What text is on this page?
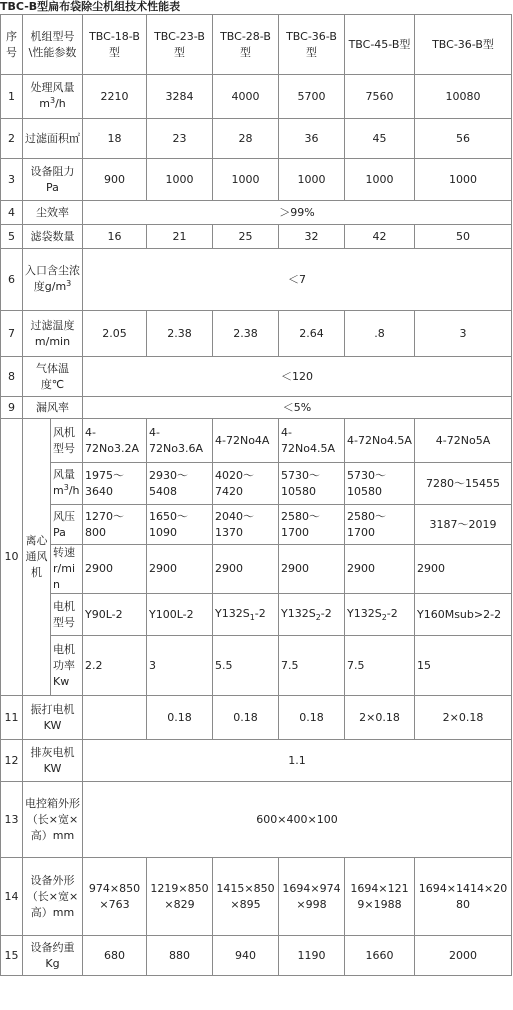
TBC-B型扁布袋除尘机组技术性能表
序号	机组型号\性能参数		TBC-18-B型	TBC-23-B型	TBC-28-B型	TBC-36-B型	TBC-45-B型	TBC-36-B型
1	处理风量$m^3/h$		2210	3284	4000	5700	7560	10080
2	过滤面积㎡		18	23	28	36	45	56
3	设备阻力Pa		900	1000	1000	1000	1000	1000
4	尘效率		＞99%					
5	滤袋数量		16	21	25	32	42	50
6	入口含尘浓度$g/m^3$		＜7					
7	过滤温度m/min		2.05	2.38	2.38	2.64	.8	3
8	气体温度℃		＜120					
9	漏风率		＜5%					
10	离心通风机	风机型号	4-72No3.2A	4-72No3.6A	4-72No4A	4-72No4.5A	4-72No4.5A	4-72No5A
		风量$m^3/h$	1975～3640	2930～5408	4020～7420	5730～10580	5730～10580	7280～15455
		风压Pa	1270～800	1650～1090	2040～1370	2580～1700	2580～1700	3187～2019
		转速r/min	2900	2900	2900	2900	2900	2900
		电机型号	Y90L-2	Y100L-2	$Y132S_1-2$	$Y132S_2-2$	$Y132S_2-2$	Y160Msub>2-2
		电机功率Kw	2.2	3	5.5	7.5	7.5	15
11	振打电机KW			0.18	0.18	0.18	2×0.18	2×0.18
12	排灰电机KW		1.1					
13	电控箱外形（长×宽×高）mm		600×400×100					
14	设备外形（长×宽×高）mm		974×850×763	1219×850×829	1415×850×895	1694×974×998	1694×1219×1988	1694×1414×2080
15	设备约重Kg		680	880	940	1190	1660	2000
